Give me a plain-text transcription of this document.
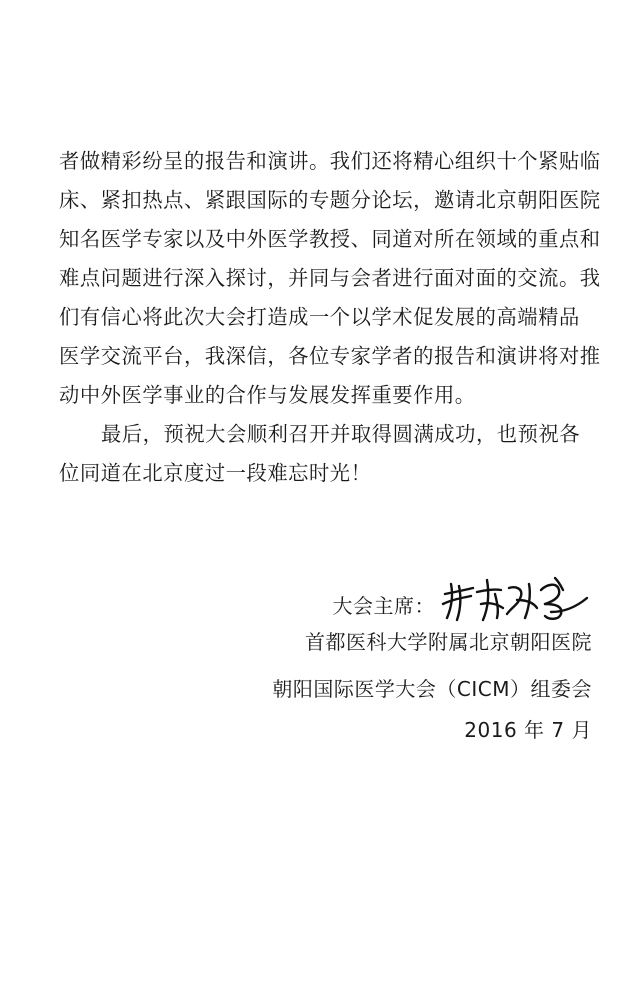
者做精彩纷呈的报告和演讲。我们还将精心组织十个紧贴临
床、紧扣热点、紧跟国际的专题分论坛，邀请北京朝阳医院
知名医学专家以及中外医学教授、同道对所在领域的重点和
难点问题进行深入探讨，并同与会者进行面对面的交流。我
们有信心将此次大会打造成一个以学术促发展的高端精品
医学交流平台，我深信，各位专家学者的报告和演讲将对推
动中外医学事业的合作与发展发挥重要作用。

最后，预祝大会顺利召开并取得圆满成功，也预祝各
位同道在北京度过一段难忘时光！

大会主席：
首都医科大学附属北京朝阳医院
朝阳国际医学大会（CICM）组委会
2016 年 7 月
